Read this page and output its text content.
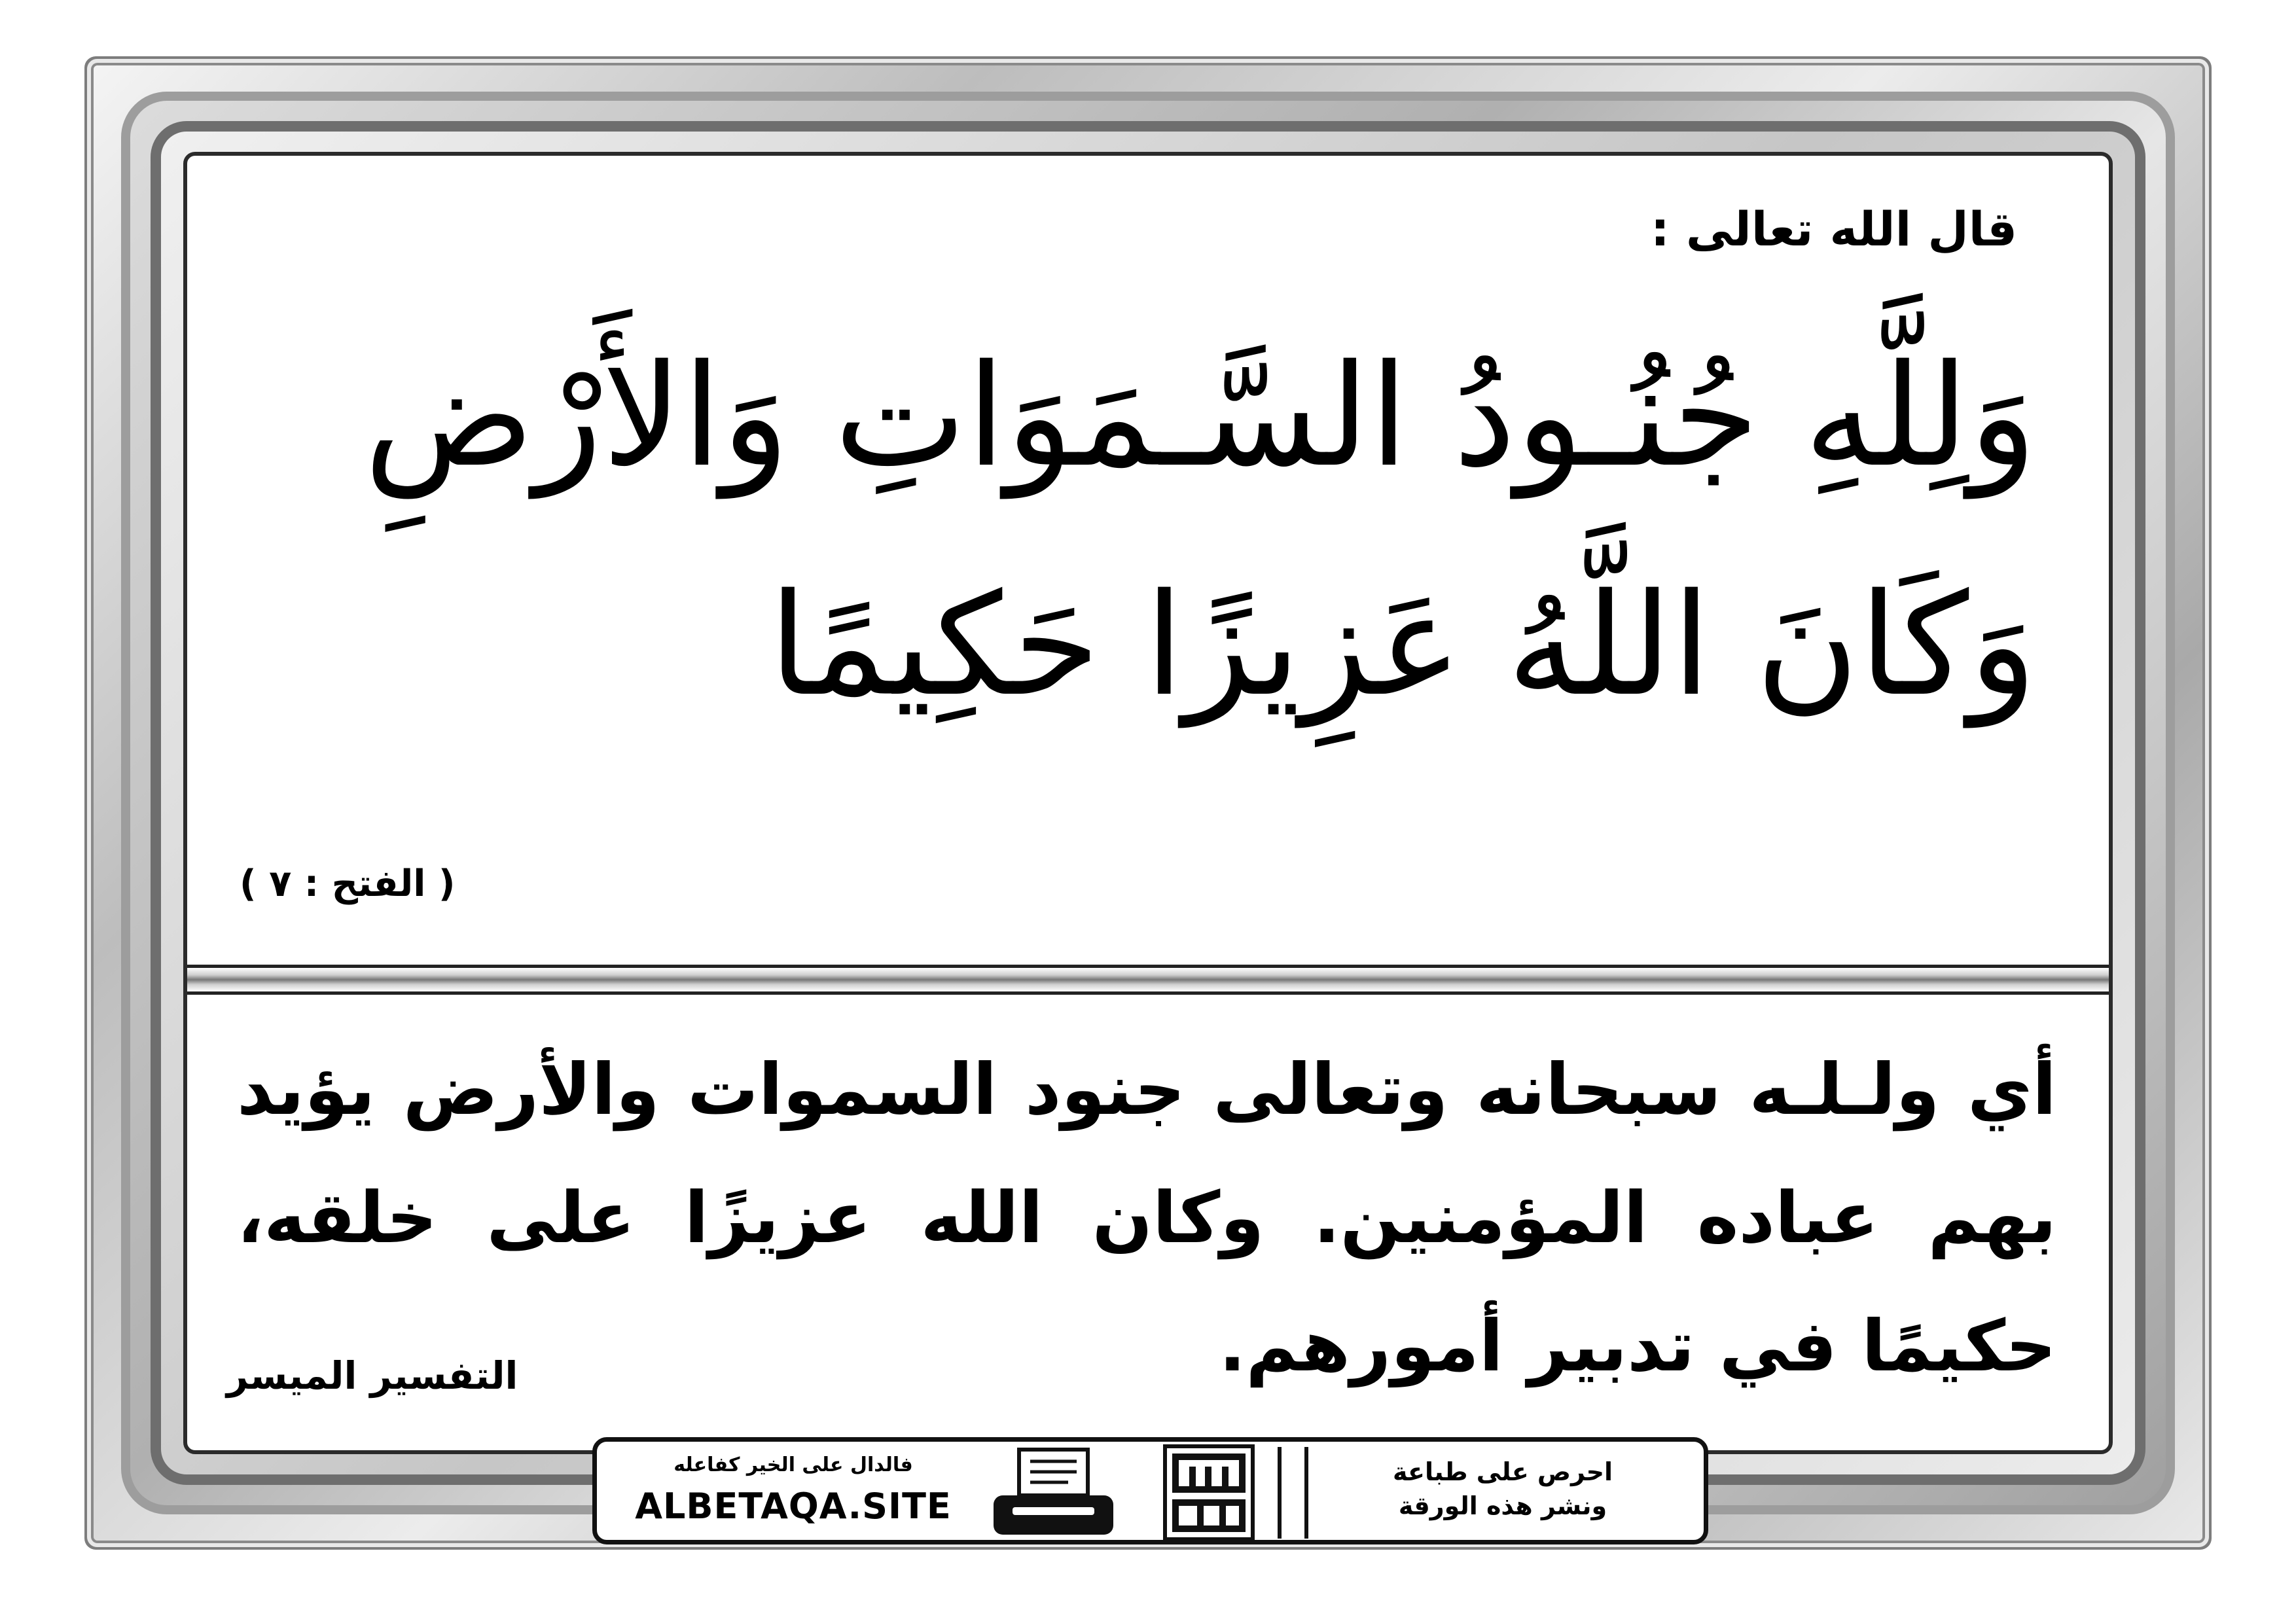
قال الله تعالى :
وَلِلَّهِ جُنُـودُ السَّـمَوَاتِ وَالأَرْضِ
وَكَانَ اللَّهُ عَزِيزًا حَكِيمًا
( الفتح : ٧ )
أي ولـلـه سبحانه وتعالى جنود السموات والأرض يؤيد بهم عباده المؤمنين. وكان الله عزيزًا على خلقه، حكيمًا في تدبير أمورهم.
التفسير الميسر
فالدال على الخير كفاعله
ALBETAQA.SITE
احرص على طباعة
ونشر هذه الورقة
